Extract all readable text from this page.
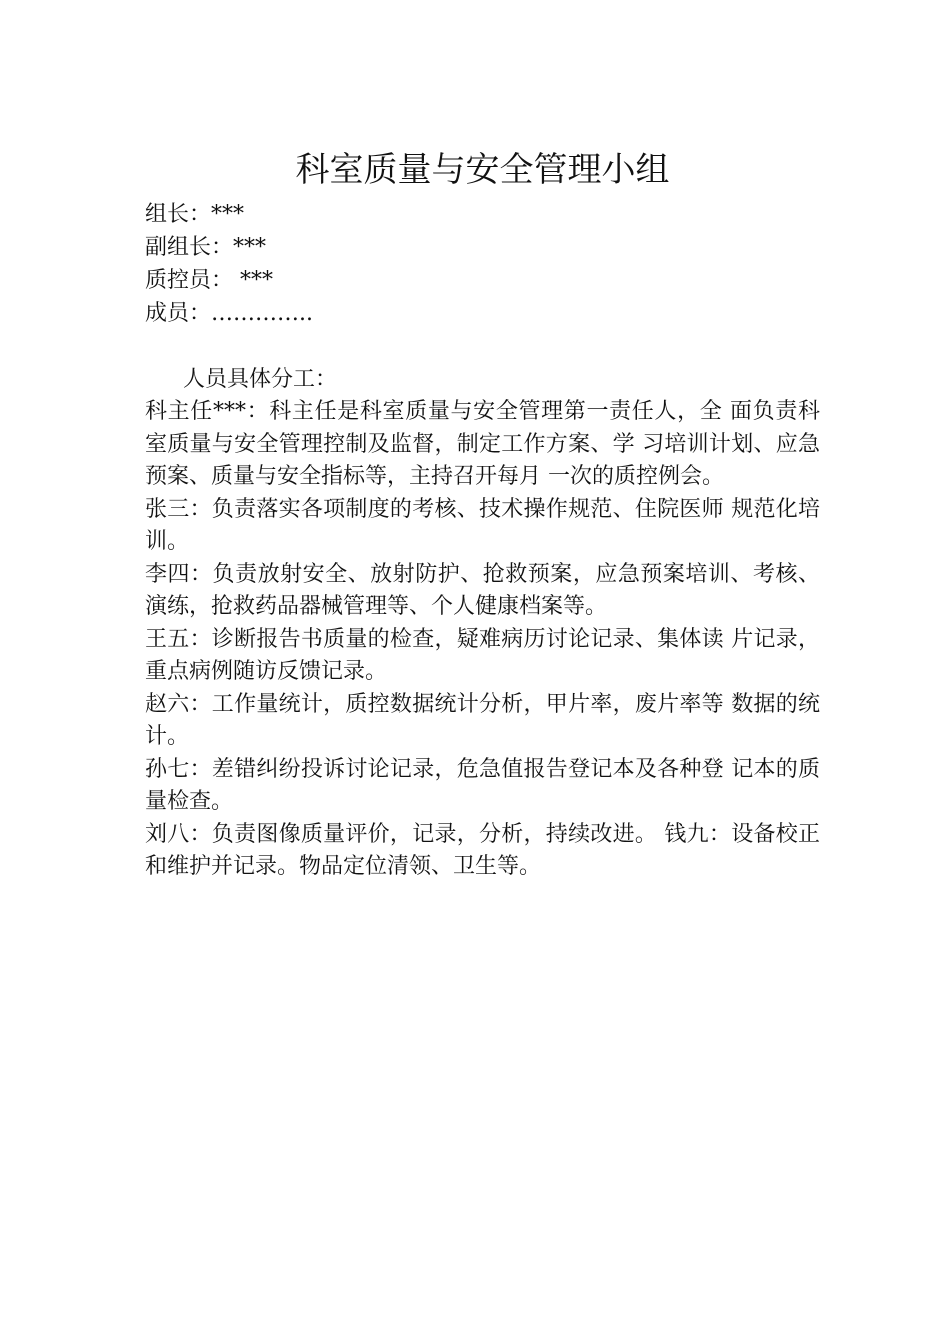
科室质量与安全管理小组

组长：***

副组长：***

质控员： ***

成员：…………..

人员具体分工：

科主任***：科主任是科室质量与安全管理第一责任人，全 面负责科室质量与安全管理控制及监督，制定工作方案、学 习培训计划、应急预案、质量与安全指标等，主持召开每月 一次的质控例会。

张三：负责落实各项制度的考核、技术操作规范、住院医师 规范化培训。

李四：负责放射安全、放射防护、抢救预案，应急预案培训、考核、演练，抢救药品器械管理等、个人健康档案等。

王五：诊断报告书质量的检查，疑难病历讨论记录、集体读 片记录，重点病例随访反馈记录。

赵六：工作量统计，质控数据统计分析，甲片率，废片率等 数据的统计。

孙七：差错纠纷投诉讨论记录，危急值报告登记本及各种登 记本的质量检查。

刘八：负责图像质量评价，记录，分析，持续改进。 钱九：设备校正和维护并记录。物品定位清领、卫生等。
